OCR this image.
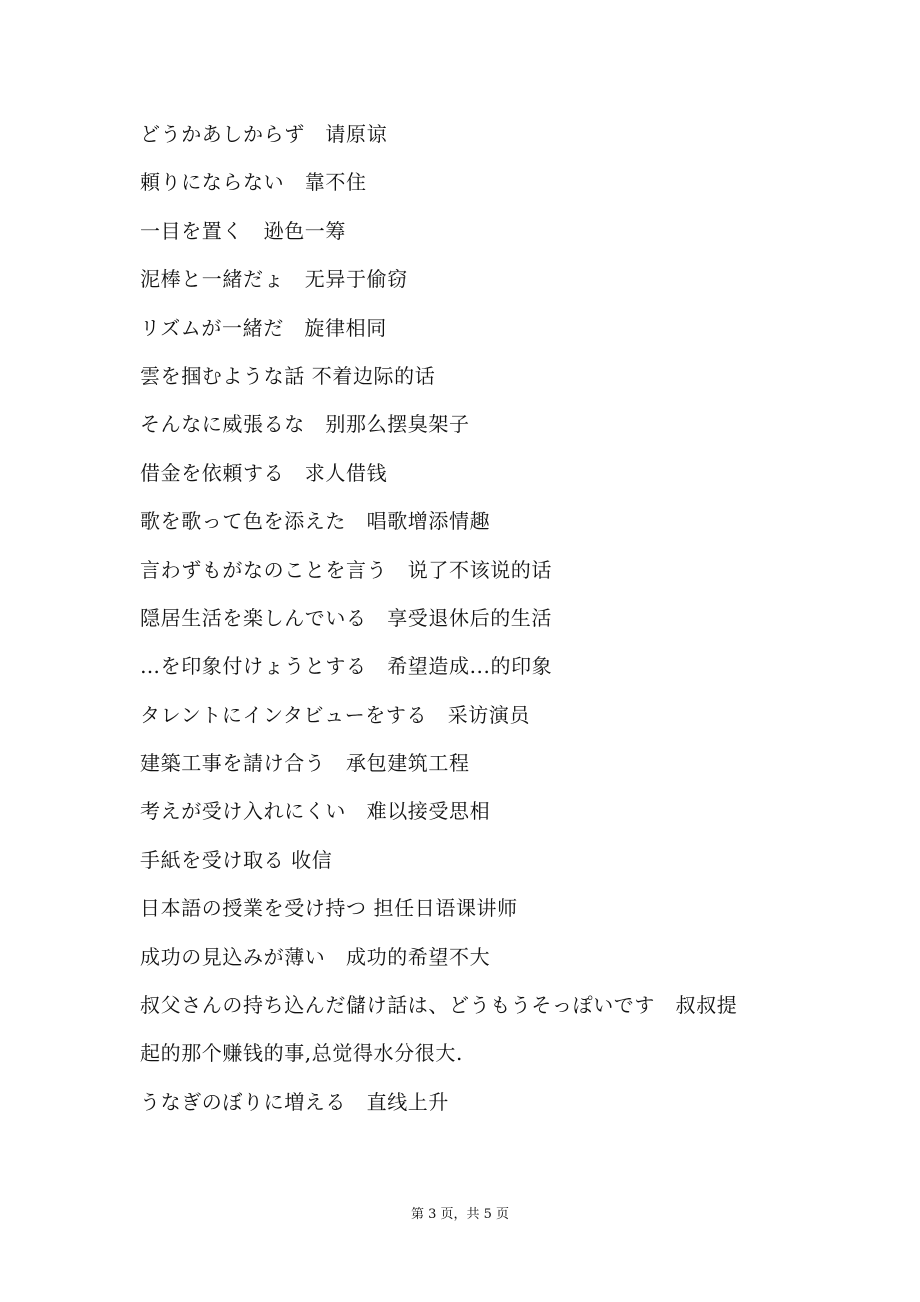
どうかあしからず　请原谅
頼りにならない　靠不住
一目を置く　逊色一筹
泥棒と一緒だょ　无异于偷窃
リズムが一緒だ　旋律相同
雲を掴むような話 不着边际的话
そんなに威張るな　别那么摆臭架子
借金を依頼する　求人借钱
歌を歌って色を添えた　唱歌增添情趣
言わずもがなのことを言う　说了不该说的话
隠居生活を楽しんでいる　享受退休后的生活
…を印象付けょうとする　希望造成...的印象
タレントにインタビューをする　采访演员
建築工事を請け合う　承包建筑工程
考えが受け入れにくい　难以接受思相
手紙を受け取る 收信
日本語の授業を受け持つ 担任日语课讲师
成功の見込みが薄い　成功的希望不大
叔父さんの持ち込んだ儲け話は、どうもうそっぽいです　叔叔提
起的那个赚钱的事,总觉得水分很大.
うなぎのぼりに増える　直线上升
第 3 页，共 5 页
